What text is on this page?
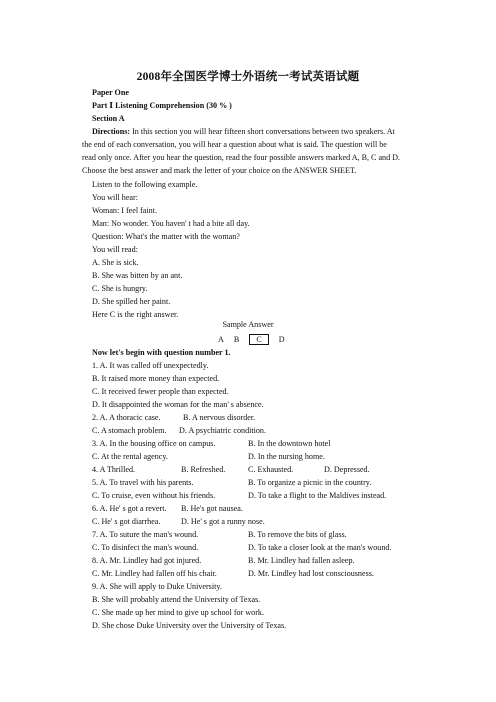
2008年全国医学博士外语统一考试英语试题
Paper One
Part Ⅰ Listening Comprehension (30 % )
Section A
Directions: In this section you will hear fifteen short conversations between two speakers. At
the end of each conversation, you will hear a question about what is said. The question will be
read only once. After you hear the question, read the four possible answers marked A, B, C and D.
Choose the best answer and mark the letter of your choice on the ANSWER SHEET.
Listen to the following example.
You will hear:
Woman: I feel faint.
Man: No wonder. You haven' t had a bite all day.
Question: What's the matter with the woman?
You will read:
A. She is sick.
B. She was bitten by an ant.
C. She is hungry.
D. She spilled her paint.
Here C is the right answer.
Sample Answer
A B C D
Now let's begin with question number 1.
1. A. It was called off unexpectedly.
B. It raised more money than expected.
C. It received fewer people than expected.
D. It disappointed the woman for the man' s absence.
2. A. A thoracic case.	B. A nervous disorder.
C. A stomach problem. D. A psychiatric condition.
3. A. In the housing office on campus.	B. In the downtown hotel
C. At the rental agency.	D. In the nursing home.
4. A Thrilled.	B. Refreshed.	C. Exhausted.	D. Depressed.
5. A. To travel with his parents.	B. To organize a picnic in the country.
C. To cruise, even without his friends.	D. To take a flight to the Maldives instead.
6. A. He' s got a revert. B. He's got nausea.
C. He' s got diarrhea.	D. He' s got a runny nose.
7. A. To suture the man's wound.	B. To remove the bits of glass.
C. To disinfect the man's wound.	D. To take a closer look at the man's wound.
8. A. Mr. Lindley had got injured.	B. Mr. Lindley had fallen asleep.
C. Mr. Lindley had fallen off his chair.	D. Mr. Lindley had lost consciousness.
9. A. She will apply to Duke University.
B. She will probably attend the University of Texas.
C. She made up her mind to give up school for work.
D. She chose Duke University over the University of Texas.
